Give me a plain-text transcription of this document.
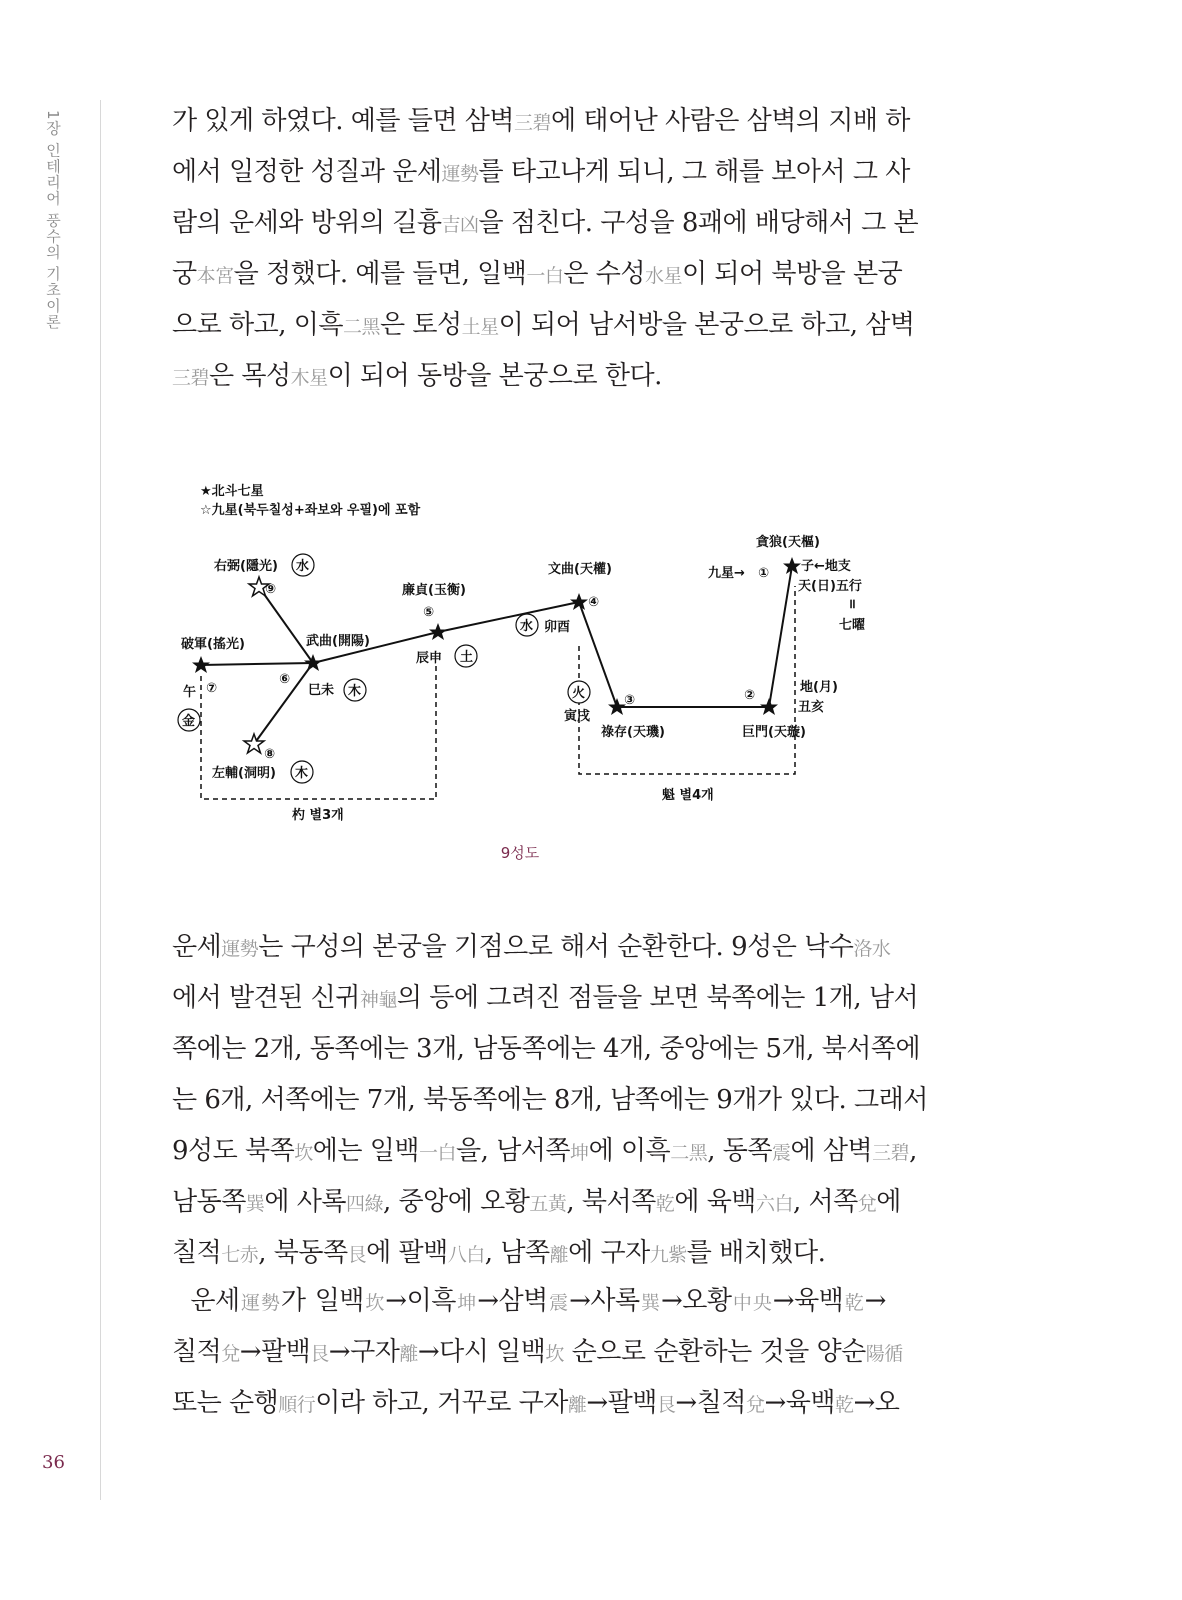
1장 인테리어 풍수의 기초이론
36
가 있게 하였다. 예를 들면 삼벽三碧에 태어난 사람은 삼벽의 지배 하
에서 일정한 성질과 운세運勢를 타고나게 되니, 그 해를 보아서 그 사
람의 운세와 방위의 길흉吉凶을 점친다. 구성을 8괘에 배당해서 그 본
궁本宮을 정했다. 예를 들면, 일백一白은 수성水星이 되어 북방을 본궁
으로 하고, 이흑二黑은 토성土星이 되어 남서방을 본궁으로 하고, 삼벽
三碧은 목성木星이 되어 동방을 본궁으로 한다.
★北斗七星
☆九星(북두칠성+좌보와 우필)에 포함
貪狼(天樞)
九星→ ① 子←地支
天(日)五行
॥
七曜
文曲(天權)
④
水 卯酉
廉貞(玉衡)
⑤
辰申 土
右弼(隱光)
⑨
水
武曲(開陽)
⑥
巳未 木
破軍(搖光)
午 ⑦
金
左輔(洞明)
⑧
木
火
寅戌
③
祿存(天璣)
②
巨門(天璇)
地(月)
丑亥
杓 별3개
魁 별4개
9성도
운세運勢는 구성의 본궁을 기점으로 해서 순환한다. 9성은 낙수洛水
에서 발견된 신귀神龜의 등에 그려진 점들을 보면 북쪽에는 1개, 남서
쪽에는 2개, 동쪽에는 3개, 남동쪽에는 4개, 중앙에는 5개, 북서쪽에
는 6개, 서쪽에는 7개, 북동쪽에는 8개, 남쪽에는 9개가 있다. 그래서
9성도 북쪽坎에는 일백一白을, 남서쪽坤에 이흑二黑, 동쪽震에 삼벽三碧,
남동쪽巽에 사록四綠, 중앙에 오황五黃, 북서쪽乾에 육백六白, 서쪽兌에
칠적七赤, 북동쪽艮에 팔백八白, 남쪽離에 구자九紫를 배치했다.
운세運勢가 일백坎→이흑坤→삼벽震→사록巽→오황中央→육백乾→
칠적兌→팔백艮→구자離→다시 일백坎 순으로 순환하는 것을 양순陽循
또는 순행順行이라 하고, 거꾸로 구자離→팔백艮→칠적兌→육백乾→오
